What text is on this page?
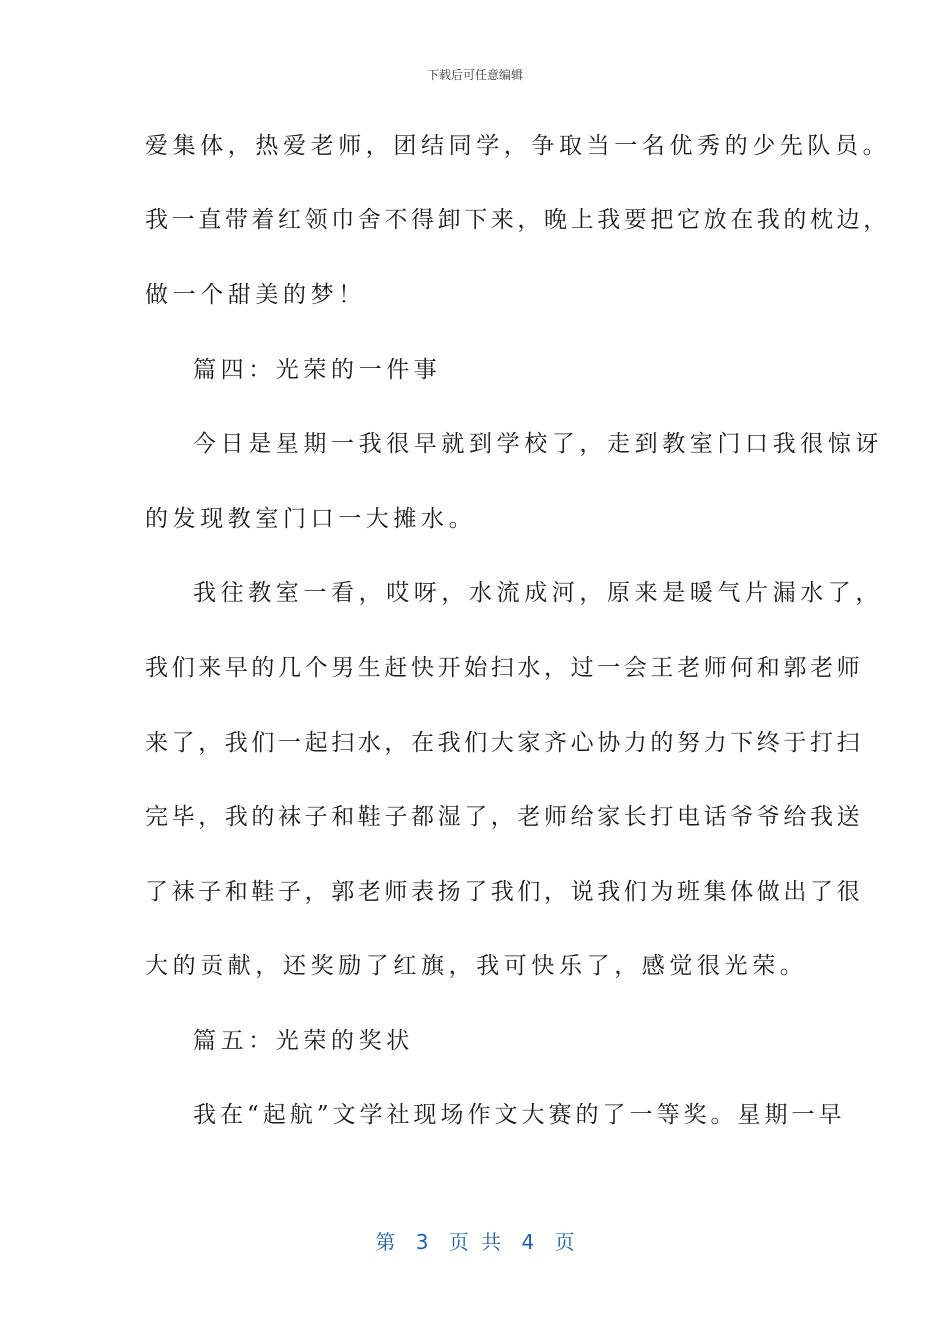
下载后可任意编辑
爱集体，热爱老师，团结同学，争取当一名优秀的少先队员。
我一直带着红领巾舍不得卸下来，晚上我要把它放在我的枕边，
做一个甜美的梦！
篇四：光荣的一件事
今日是星期一我很早就到学校了，走到教室门口我很惊讶
的发现教室门口一大摊水。
我往教室一看，哎呀，水流成河，原来是暖气片漏水了，
我们来早的几个男生赶快开始扫水，过一会王老师何和郭老师
来了，我们一起扫水，在我们大家齐心协力的努力下终于打扫
完毕，我的袜子和鞋子都湿了，老师给家长打电话爷爷给我送
了袜子和鞋子，郭老师表扬了我们，说我们为班集体做出了很
大的贡献，还奖励了红旗，我可快乐了，感觉很光荣。
篇五：光荣的奖状
我在“起航”文学社现场作文大赛的了一等奖。星期一早
第 3 页 共 4 页
